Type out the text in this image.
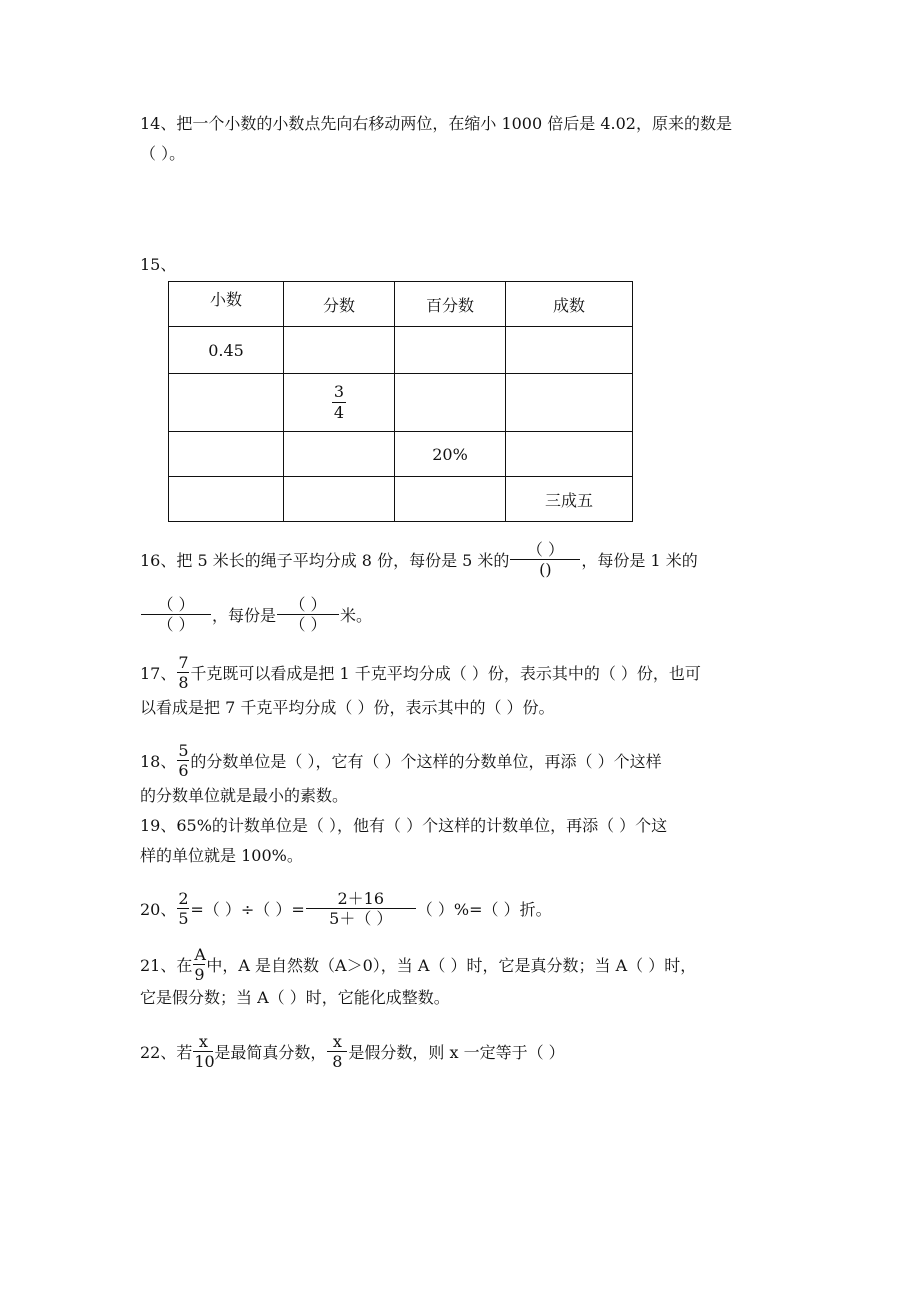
14、把一个小数的小数点先向右移动两位，在缩小 1000 倍后是 4.02，原来的数是
（ ）。
15、
小数	分数	百分数	成数
0.45			

	$\frac{3}{4}$

		20%	
			三成五
16、把 5 米长的绳子平均分成 8 份，每份是 5 米的 $\frac{( )}{()}$ ，每份是 1 米的
$\frac{( )}{( )}$ ，每份是 $\frac{( )}{( )}$ 米。
17、 $\frac{7}{8}$ 千克既可以看成是把 1 千克平均分成（ ）份，表示其中的（ ）份，也可
以看成是把 7 千克平均分成（ ）份，表示其中的（ ）份。
18、 $\frac{5}{6}$ 的分数单位是（ ），它有（ ）个这样的分数单位，再添（ ）个这样
的分数单位就是最小的素数。
19、65%的计数单位是（ ），他有（ ）个这样的计数单位，再添（ ）个这
样的单位就是 100%。
20、 $\frac{2}{5}$ =（ ）÷（ ）= $\frac{2+16}{5+( )}$ （ ）%=（ ）折。
21、在 $\frac{A}{9}$ 中，A 是自然数（A＞0），当 A（ ）时，它是真分数；当 A（ ）时，
它是假分数；当 A（ ）时，它能化成整数。
22、若 $\frac{x}{10}$ 是最简真分数， $\frac{x}{8}$ 是假分数，则 x 一定等于（ ）
